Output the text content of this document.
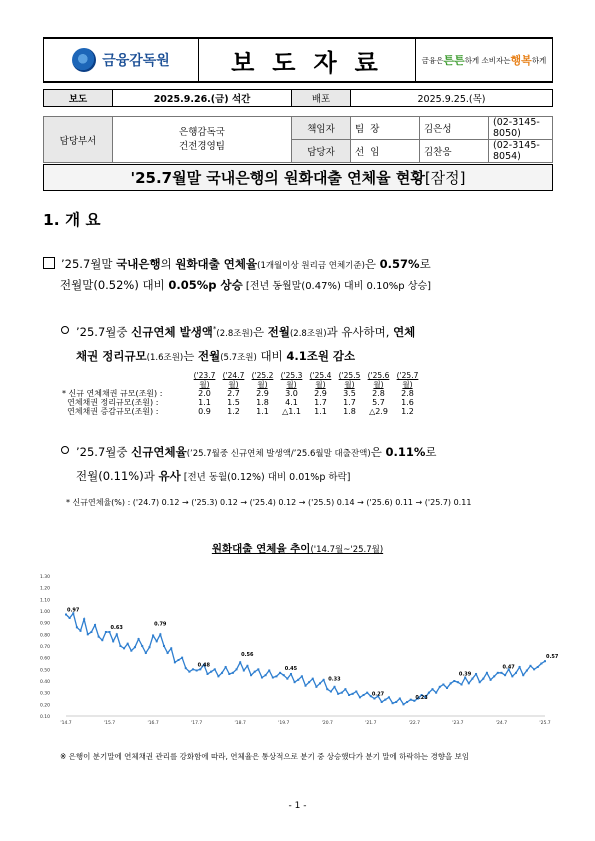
금융감독원	보도자료	금융은 튼튼 하게 소비자는 행복 하게
보도	2025.9.26.(금) 석간	배포	2025.9.25.(목)
담당부서	은행감독국
건전경영팀	책임자	팀  장	김은성	(02-3145-8050)
		담당자	선  임	김찬응	(02-3145-8054)
'25.7월말 국내은행의 원화대출 연체율 현황 [잠정]
1. 개 요
’25.7월말 국내은행의 원화대출 연체율(1개월이상 원리금 연체기준)은 0.57%로
전월말(0.52%) 대비 0.05%p 상승 [전년 동월말(0.47%) 대비 0.10%p 상승]
’25.7월중 신규연체 발생액*(2.8조원)은 전월(2.8조원)과 유사하며, 연체
채권 정리규모(1.6조원)는 전월(5.7조원) 대비 4.1조원 감소
	('23.7월)	('24.7월)	('25.2월)	('25.3월)	('25.4월)	('25.5월)	('25.6월)	('25.7월)
* 신규 연체채권 규모(조원) :	2.0	2.7	2.9	3.0	2.9	3.5	2.8	2.8
연체채권 정리규모(조원) :	1.1	1.5	1.8	4.1	1.7	1.7	5.7	1.6
연체채권 증감규모(조원) :	0.9	1.2	1.1	△1.1	1.1	1.8	△2.9	1.2
’25.7월중 신규연체율(’25.7월중 신규연체 발생액/’25.6월말 대출잔액)은 0.11%로
전월(0.11%)과 유사 [전년 동월(0.12%) 대비 0.01%p 하락]
* 신규연체율(%) : ('24.7) 0.12 → ('25.3) 0.12 → ('25.4) 0.12 → ('25.5) 0.14 → ('25.6) 0.11 → ('25.7) 0.11
원화대출 연체율 추이('14.7월~'25.7월)
1.30
1.20
1.10
1.00
0.90
0.80
0.70
0.60
0.50
0.40
0.30
0.20
0.10
'14.7	'15.7	'16.7	'17.7	'18.7	'19.7	'20.7	'21.7	'22.7	'23.7	'24.7	'25.7
0.97
0.63
0.79
0.48
0.56
0.45
0.33
0.27
0.23
0.39
0.47
0.57
※ 은행이 분기말에 연체채권 관리를 강화함에 따라, 연체율은 통상적으로 분기 중 상승했다가 분기 말에 하락하는 경향을 보임
- 1 -
